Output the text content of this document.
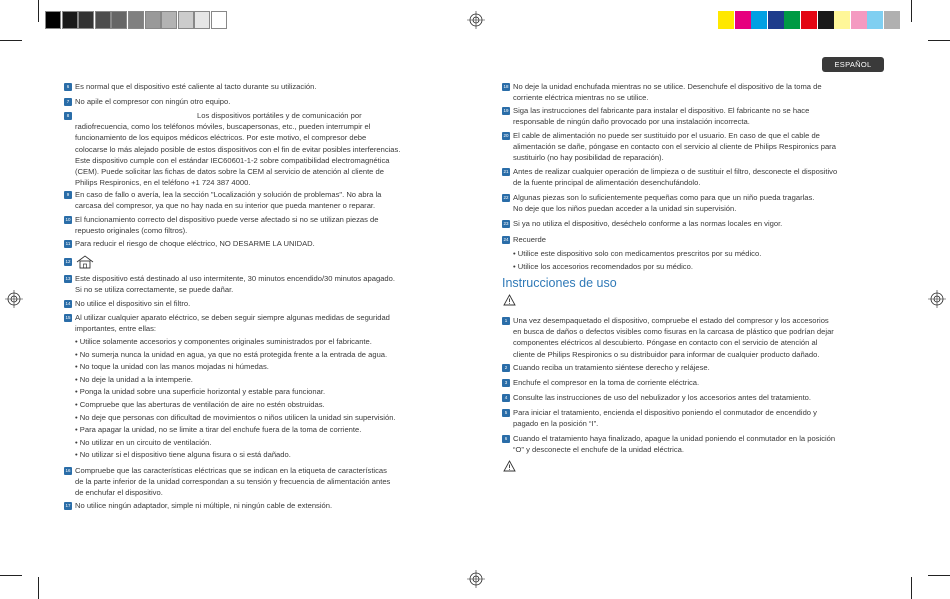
ESPAÑOL
6 Es normal que el dispositivo esté caliente al tacto durante su utilización.
7 No apile el compresor con ningún otro equipo.
8	Los dispositivos portátiles y de comunicación por
radiofrecuencia, como los teléfonos móviles, buscapersonas, etc., pueden interrumpir el
funcionamiento de los equipos médicos eléctricos. Por este motivo, el compresor debe
colocarse lo más alejado posible de estos dispositivos con el fin de evitar posibles interferencias.
Este dispositivo cumple con el estándar IEC60601-1-2 sobre compatibilidad electromagnética
(CEM). Puede solicitar las fichas de datos sobre la CEM al servicio de atención al cliente de
Philips Respironics, en el teléfono +1 724 387 4000.
9 En caso de fallo o avería, lea la sección "Localización y solución de problemas". No abra la
carcasa del compresor, ya que no hay nada en su interior que pueda mantener o reparar.
10 El funcionamiento correcto del dispositivo puede verse afectado si no se utilizan piezas de
repuesto originales (como filtros).
11 Para reducir el riesgo de choque eléctrico, NO DESARME LA UNIDAD.
12
13 Este dispositivo está destinado al uso intermitente, 30 minutos encendido/30 minutos apagado.
Si no se utiliza correctamente, se puede dañar.
14 No utilice el dispositivo sin el filtro.
15 Al utilizar cualquier aparato eléctrico, se deben seguir siempre algunas medidas de seguridad
importantes, entre ellas:
16 Compruebe que las características eléctricas que se indican en la etiqueta de características
de la parte inferior de la unidad correspondan a su tensión y frecuencia de alimentación antes
de enchufar el dispositivo.
17 No utilice ningún adaptador, simple ni múltiple, ni ningún cable de extensión.
• Utilice solamente accesorios y componentes originales suministrados por el fabricante.
• No sumerja nunca la unidad en agua, ya que no está protegida frente a la entrada de agua.
• No toque la unidad con las manos mojadas ni húmedas.
• No deje la unidad a la intemperie.
• Ponga la unidad sobre una superficie horizontal y estable para funcionar.
• Compruebe que las aberturas de ventilación de aire no estén obstruidas.
• No deje que personas con dificultad de movimientos o niños utilicen la unidad sin supervisión.
• Para apagar la unidad, no se limite a tirar del enchufe fuera de la toma de corriente.
• No utilizar en un circuito de ventilación.
• No utilizar si el dispositivo tiene alguna fisura o si está dañado.
18 No deje la unidad enchufada mientras no se utilice. Desenchufe el dispositivo de la toma de
corriente eléctrica mientras no se utilice.
19 Siga las instrucciones del fabricante para instalar el dispositivo. El fabricante no se hace
responsable de ningún daño provocado por una instalación incorrecta.
20 El cable de alimentación no puede ser sustituido por el usuario. En caso de que el cable de
alimentación se dañe, póngase en contacto con el servicio al cliente de Philips Respironics para
sustituirlo (no hay posibilidad de reparación).
21 Antes de realizar cualquier operación de limpieza o de sustituir el filtro, desconecte el dispositivo
de la fuente principal de alimentación desenchufándolo.
22 Algunas piezas son lo suficientemente pequeñas como para que un niño pueda tragarlas.
No deje que los niños puedan acceder a la unidad sin supervisión.
23 Si ya no utiliza el dispositivo, deséchelo conforme a las normas locales en vigor.
24 Recuerde
• Utilice este dispositivo solo con medicamentos prescritos por su médico.
• Utilice los accesorios recomendados por su médico.
1 Una vez desempaquetado el dispositivo, compruebe el estado del compresor y los accesorios
en busca de daños o defectos visibles como fisuras en la carcasa de plástico que podrían dejar
componentes eléctricos al descubierto. Póngase en contacto con el servicio de atención al
cliente de Philips Respironics o su distribuidor para informar de cualquier producto dañado.
2 Cuando reciba un tratamiento siéntese derecho y relájese.
3 Enchufe el compresor en la toma de corriente eléctrica.
4 Consulte las instrucciones de uso del nebulizador y los accesorios antes del tratamiento.
5 Para iniciar el tratamiento, encienda el dispositivo poniendo el conmutador de encendido y
pagado en la posición “I”.
6 Cuando el tratamiento haya finalizado, apague la unidad poniendo el conmutador en la posición
“O” y desconecte el enchufe de la unidad eléctrica.
Instrucciones de uso
